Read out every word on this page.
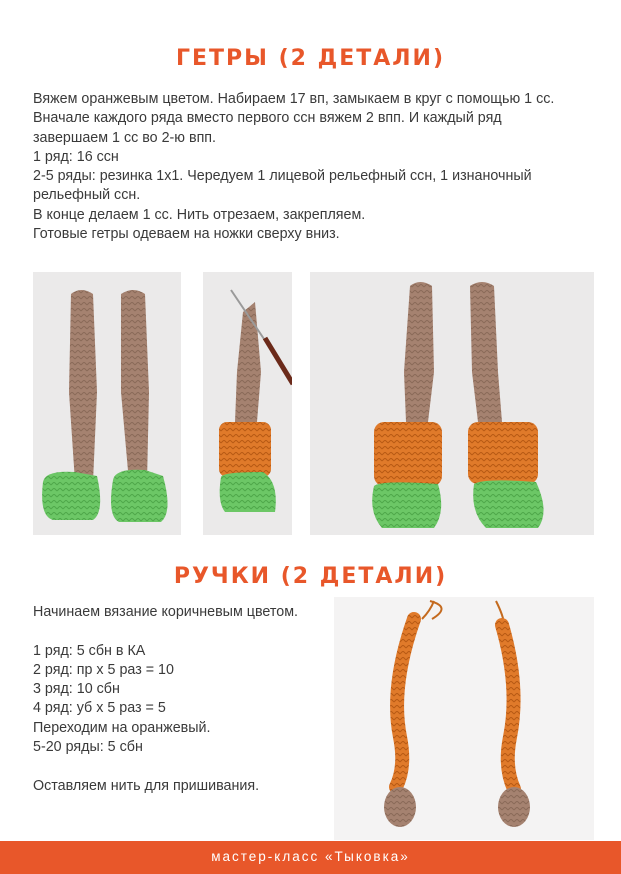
ГЕТРЫ (2 ДЕТАЛИ)
Вяжем оранжевым цветом. Набираем 17 вп, замыкаем в круг с помощью 1 сс.
Вначале каждого ряда вместо первого ссн вяжем 2 впп. И каждый ряд
завершаем 1 сс во 2-ю впп.
1 ряд: 16 ссн
2-5 ряды: резинка 1х1. Чередуем 1 лицевой рельефный ссн, 1 изнаночный
рельефный ссн.
В конце делаем 1 сс. Нить отрезаем, закрепляем.
Готовые гетры одеваем на ножки сверху вниз.
РУЧКИ (2 ДЕТАЛИ)
Начинаем вязание коричневым цветом.
1 ряд: 5 сбн в КА
2 ряд: пр х 5 раз = 10
3 ряд: 10 сбн
4 ряд: уб х 5 раз = 5
Переходим на оранжевый.
5-20 ряды: 5 сбн
Оставляем нить для пришивания.
мастер-класс «Тыковка»
